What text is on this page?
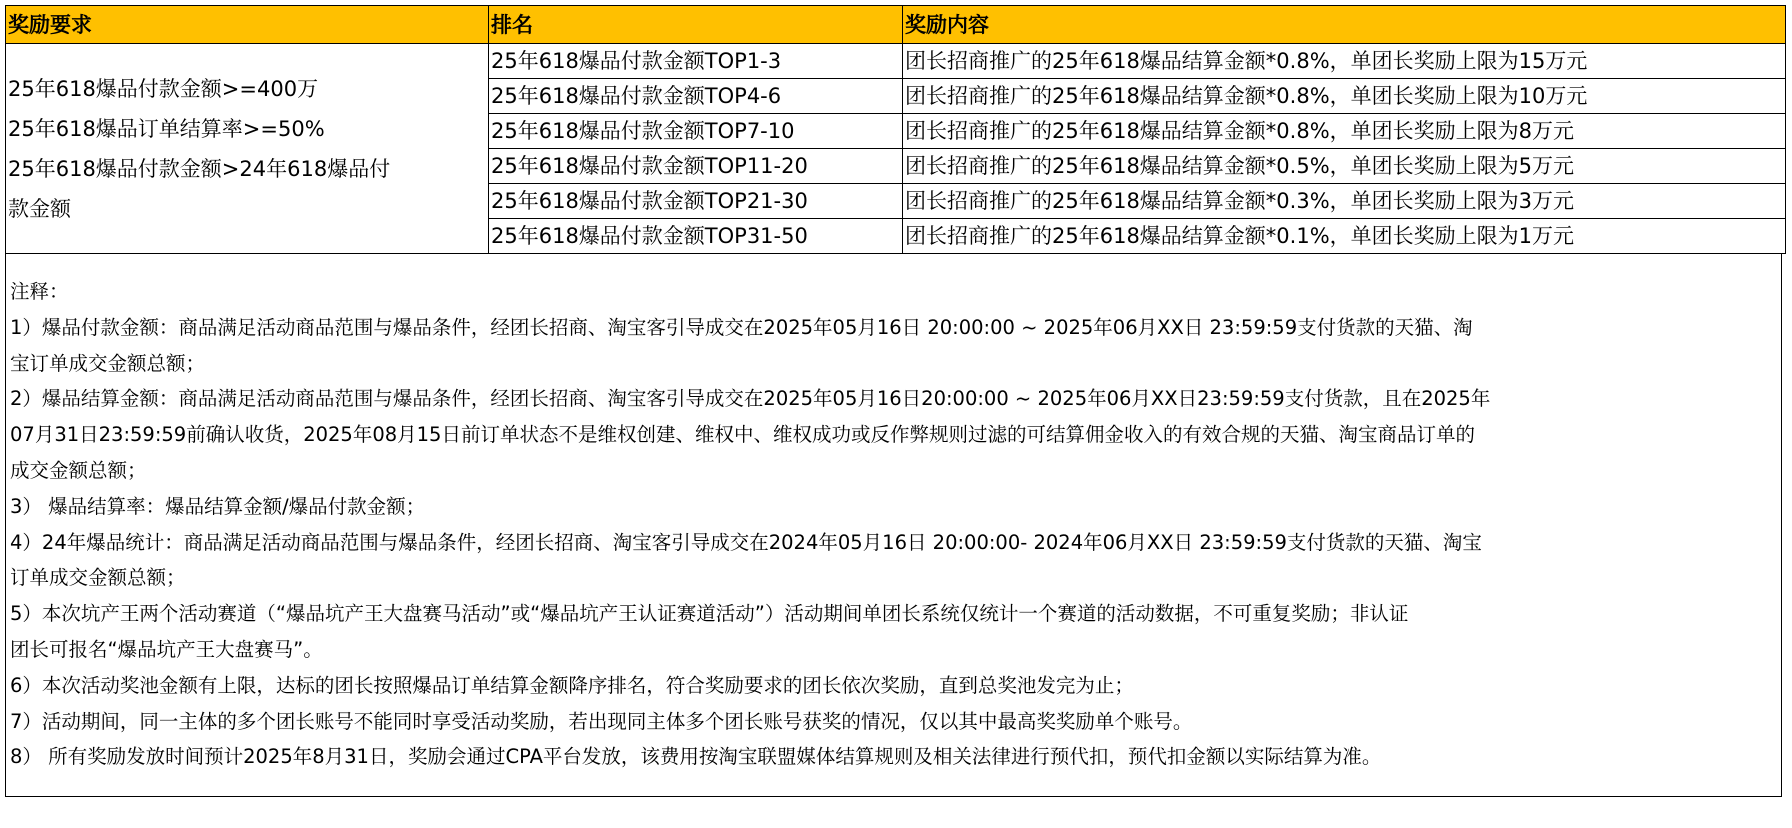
奖励要求	排名	奖励内容

25年618爆品付款金额>=400万
25年618爆品订单结算率>=50%
25年618爆品付款金额>24年618爆品付
款金额	25年618爆品付款金额TOP1-3	团长招商推广的25年618爆品结算金额*0.8%，单团长奖励上限为15万元
	25年618爆品付款金额TOP4-6	团长招商推广的25年618爆品结算金额*0.8%，单团长奖励上限为10万元
	25年618爆品付款金额TOP7-10	团长招商推广的25年618爆品结算金额*0.8%，单团长奖励上限为8万元
	25年618爆品付款金额TOP11-20	团长招商推广的25年618爆品结算金额*0.5%，单团长奖励上限为5万元
	25年618爆品付款金额TOP21-30	团长招商推广的25年618爆品结算金额*0.3%，单团长奖励上限为3万元
	25年618爆品付款金额TOP31-50	团长招商推广的25年618爆品结算金额*0.1%，单团长奖励上限为1万元
注释：
1）爆品付款金额：商品满足活动商品范围与爆品条件，经团长招商、淘宝客引导成交在2025年05月16日 20:00:00 ~ 2025年06月XX日 23:59:59支付货款的天猫、淘
宝订单成交金额总额；
2）爆品结算金额：商品满足活动商品范围与爆品条件，经团长招商、淘宝客引导成交在2025年05月16日20:00:00 ~ 2025年06月XX日23:59:59支付货款，且在2025年
07月31日23:59:59前确认收货，2025年08月15日前订单状态不是维权创建、维权中、维权成功或反作弊规则过滤的可结算佣金收入的有效合规的天猫、淘宝商品订单的
成交金额总额；
3） 爆品结算率：爆品结算金额/爆品付款金额；
4）24年爆品统计：商品满足活动商品范围与爆品条件，经团长招商、淘宝客引导成交在2024年05月16日 20:00:00- 2024年06月XX日 23:59:59支付货款的天猫、淘宝
订单成交金额总额；
5）本次坑产王两个活动赛道（“爆品坑产王大盘赛马活动”或“爆品坑产王认证赛道活动”）活动期间单团长系统仅统计一个赛道的活动数据，不可重复奖励；非认证
团长可报名“爆品坑产王大盘赛马”。
6）本次活动奖池金额有上限，达标的团长按照爆品订单结算金额降序排名，符合奖励要求的团长依次奖励，直到总奖池发完为止；
7）活动期间，同一主体的多个团长账号不能同时享受活动奖励，若出现同主体多个团长账号获奖的情况，仅以其中最高奖奖励单个账号。
8） 所有奖励发放时间预计2025年8月31日，奖励会通过CPA平台发放，该费用按淘宝联盟媒体结算规则及相关法律进行预代扣，预代扣金额以实际结算为准。
